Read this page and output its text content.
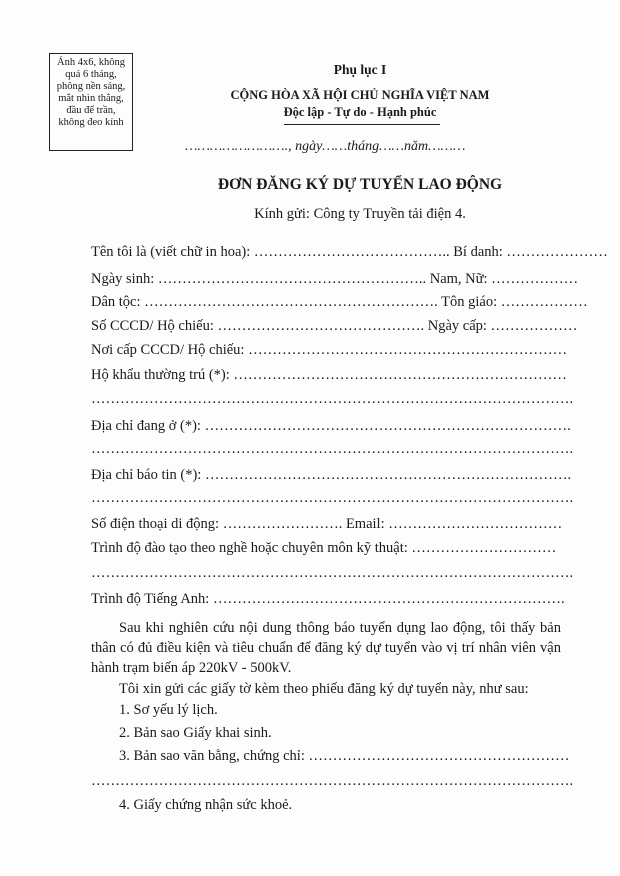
Ảnh 4x6, không
quá 6 tháng,
phông nền sáng,
mắt nhìn thẳng,
đầu để trần,
không đeo kính
Phụ lục I
CỘNG HÒA XÃ HỘI CHỦ NGHĨA VIỆT NAM
Độc lập - Tự do - Hạnh phúc
……………………., ngày……tháng……năm………
ĐƠN ĐĂNG KÝ DỰ TUYỂN LAO ĐỘNG
Kính gửi: Công ty Truyền tải điện 4.
Tên tôi là (viết chữ in hoa): ………………………………….. Bí danh: …………………
Ngày sinh: ……………………………………………….. Nam, Nữ: ………………
Dân tộc: ……………………………………………………. Tôn giáo: ………………
Số CCCD/ Hộ chiếu: ……………………………………. Ngày cấp: ………………
Nơi cấp CCCD/ Hộ chiếu: …………………………………………………………
Hộ khẩu thường trú (*): ……………………………………………………………
……………………………………………………………………………………….
Địa chỉ đang ở (*): ………………………………………………………………….
……………………………………………………………………………………….
Địa chỉ báo tin (*): ………………………………………………………………….
……………………………………………………………………………………….
Số điện thoại di động: ……………………. Email: ………………………………
Trình độ đào tạo theo nghề hoặc chuyên môn kỹ thuật: …………………………
……………………………………………………………………………………….
Trình độ Tiếng Anh: ……………………………………………………………….
Sau khi nghiên cứu nội dung thông báo tuyển dụng lao động, tôi thấy bản thân có đủ điều kiện và tiêu chuẩn để đăng ký dự tuyển vào vị trí nhân viên vận hành trạm biến áp 220kV - 500kV.
Tôi xin gửi các giấy tờ kèm theo phiếu đăng ký dự tuyển này, như sau:
1. Sơ yếu lý lịch.
2. Bản sao Giấy khai sinh.
3. Bản sao văn bằng, chứng chỉ: ………………………………………………
……………………………………………………………………………………….
4. Giấy chứng nhận sức khoẻ.
